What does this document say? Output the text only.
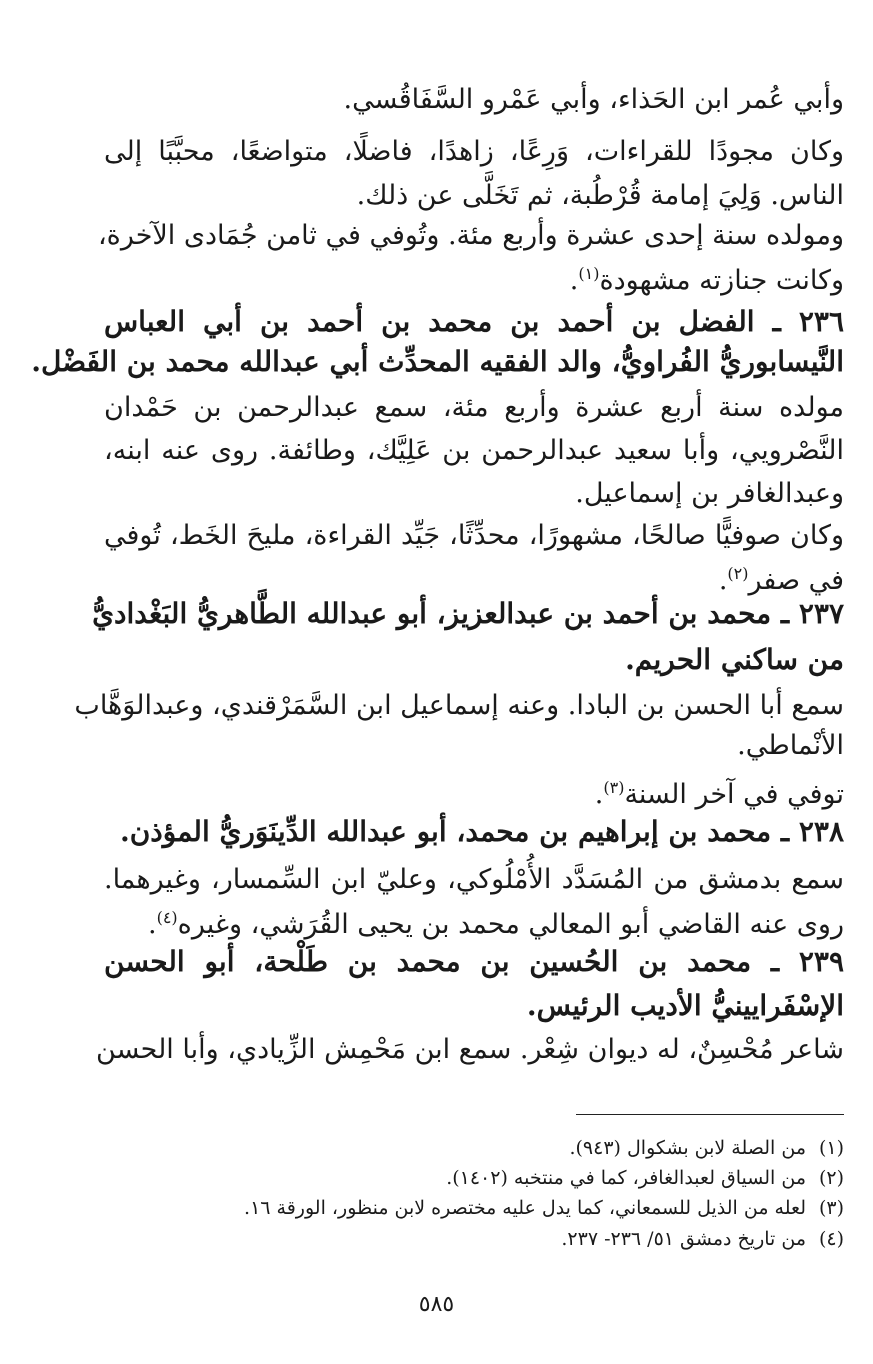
وأبي عُمر ابن الحَذاء، وأبي عَمْرو السَّفَاقُسي.
وكان مجودًا للقراءات، وَرِعًا، زاهدًا، فاضلًا، متواضعًا، محبَّبًا إلى
الناس. وَلِيَ إمامة قُرْطُبة، ثم تَخَلَّى عن ذلك.
ومولده سنة إحدى عشرة وأربع مئة. وتُوفي في ثامن جُمَادى الآخرة،
وكانت جنازته مشهودة$^{(١)}$.
٢٣٦ ـ الفضل بن أحمد بن محمد بن أحمد بن أبي العباس
النَّيسابوريُّ الفُراويُّ، والد الفقيه المحدِّث أبي عبدالله محمد بن الفَضْل.
مولده سنة أربع عشرة وأربع مئة، سمع عبدالرحمن بن حَمْدان
النَّصْرويي، وأبا سعيد عبدالرحمن بن عَلِيَّك، وطائفة. روى عنه ابنه،
وعبدالغافر بن إسماعيل.
وكان صوفيًّا صالحًا، مشهورًا، محدِّثًا، جَيِّد القراءة، مليحَ الخَط، تُوفي
في صفر$^{(٢)}$.
٢٣٧ ـ محمد بن أحمد بن عبدالعزيز، أبو عبدالله الطَّاهريُّ البَغْداديُّ
من ساكني الحريم.
سمع أبا الحسن بن البادا. وعنه إسماعيل ابن السَّمَرْقندي، وعبدالوَهَّاب
الأنْماطي.
توفي في آخر السنة$^{(٣)}$.
٢٣٨ ـ محمد بن إبراهيم بن محمد، أبو عبدالله الدِّينَوَريُّ المؤذن.
سمع بدمشق من المُسَدَّد الأُمْلُوكي، وعليّ ابن السِّمسار، وغيرهما.
روى عنه القاضي أبو المعالي محمد بن يحيى القُرَشي، وغيره$^{(٤)}$.
٢٣٩ ـ محمد بن الحُسين بن محمد بن طَلْحة، أبو الحسن
الإسْفَرايينيُّ الأديب الرئيس.
شاعر مُحْسِنٌ، له ديوان شِعْر. سمع ابن مَحْمِش الزِّيادي، وأبا الحسن
(١)من الصلة لابن بشكوال (٩٤٣).
(٢)من السياق لعبدالغافر، كما في منتخبه (١٤٠٢).
(٣)لعله من الذيل للسمعاني، كما يدل عليه مختصره لابن منظور، الورقة ١٦.
(٤)من تاريخ دمشق ٥١/ ٢٣٦- ٢٣٧.
٥٨٥
